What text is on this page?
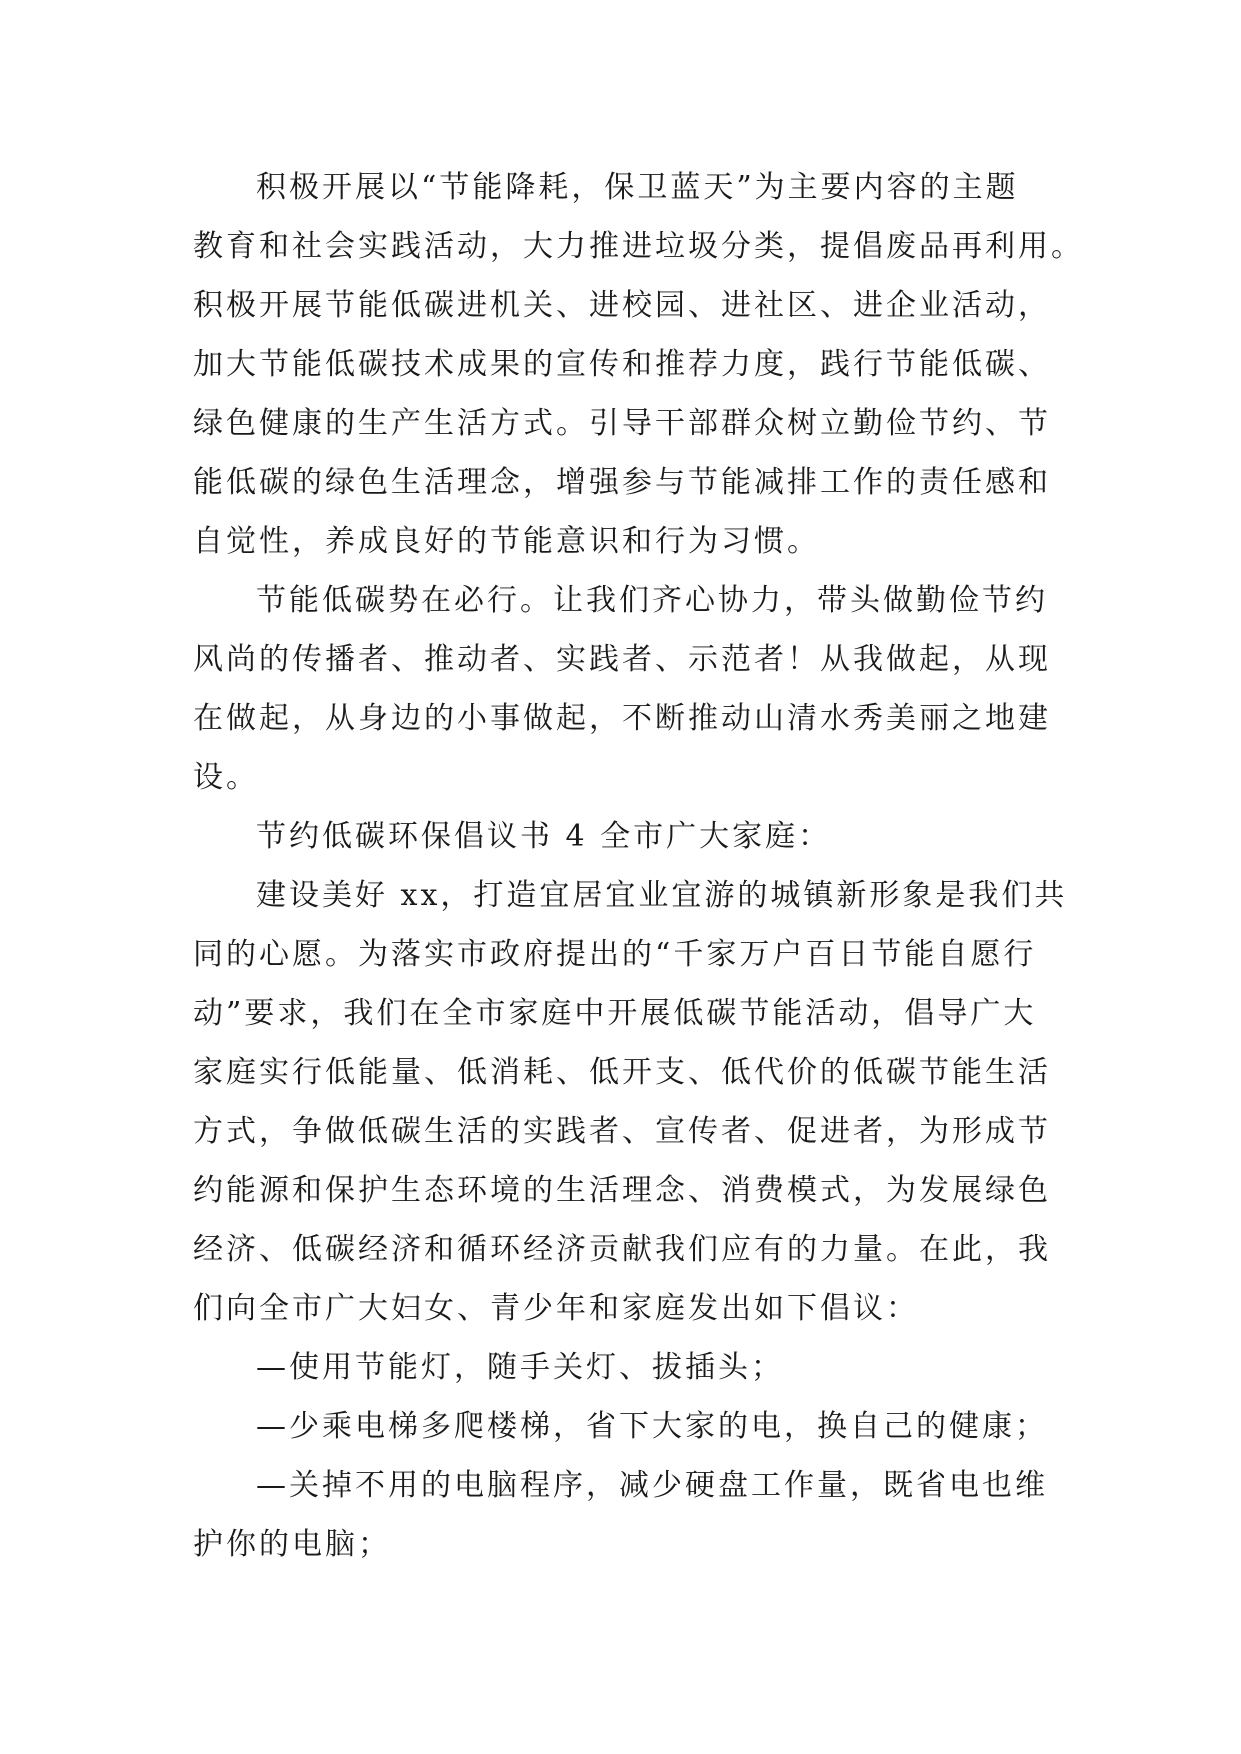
积极开展以“节能降耗，保卫蓝天”为主要内容的主题
教育和社会实践活动，大力推进垃圾分类，提倡废品再利用。
积极开展节能低碳进机关、进校园、进社区、进企业活动，
加大节能低碳技术成果的宣传和推荐力度，践行节能低碳、
绿色健康的生产生活方式。引导干部群众树立勤俭节约、节
能低碳的绿色生活理念，增强参与节能减排工作的责任感和
自觉性，养成良好的节能意识和行为习惯。
节能低碳势在必行。让我们齐心协力，带头做勤俭节约
风尚的传播者、推动者、实践者、示范者！从我做起，从现
在做起，从身边的小事做起，不断推动山清水秀美丽之地建
设。
节约低碳环保倡议书 4 全市广大家庭：
建设美好 xx，打造宜居宜业宜游的城镇新形象是我们共
同的心愿。为落实市政府提出的“千家万户百日节能自愿行
动”要求，我们在全市家庭中开展低碳节能活动，倡导广大
家庭实行低能量、低消耗、低开支、低代价的低碳节能生活
方式，争做低碳生活的实践者、宣传者、促进者，为形成节
约能源和保护生态环境的生活理念、消费模式，为发展绿色
经济、低碳经济和循环经济贡献我们应有的力量。在此，我
们向全市广大妇女、青少年和家庭发出如下倡议：
—使用节能灯，随手关灯、拔插头；
—少乘电梯多爬楼梯，省下大家的电，换自己的健康；
—关掉不用的电脑程序，减少硬盘工作量，既省电也维
护你的电脑；
